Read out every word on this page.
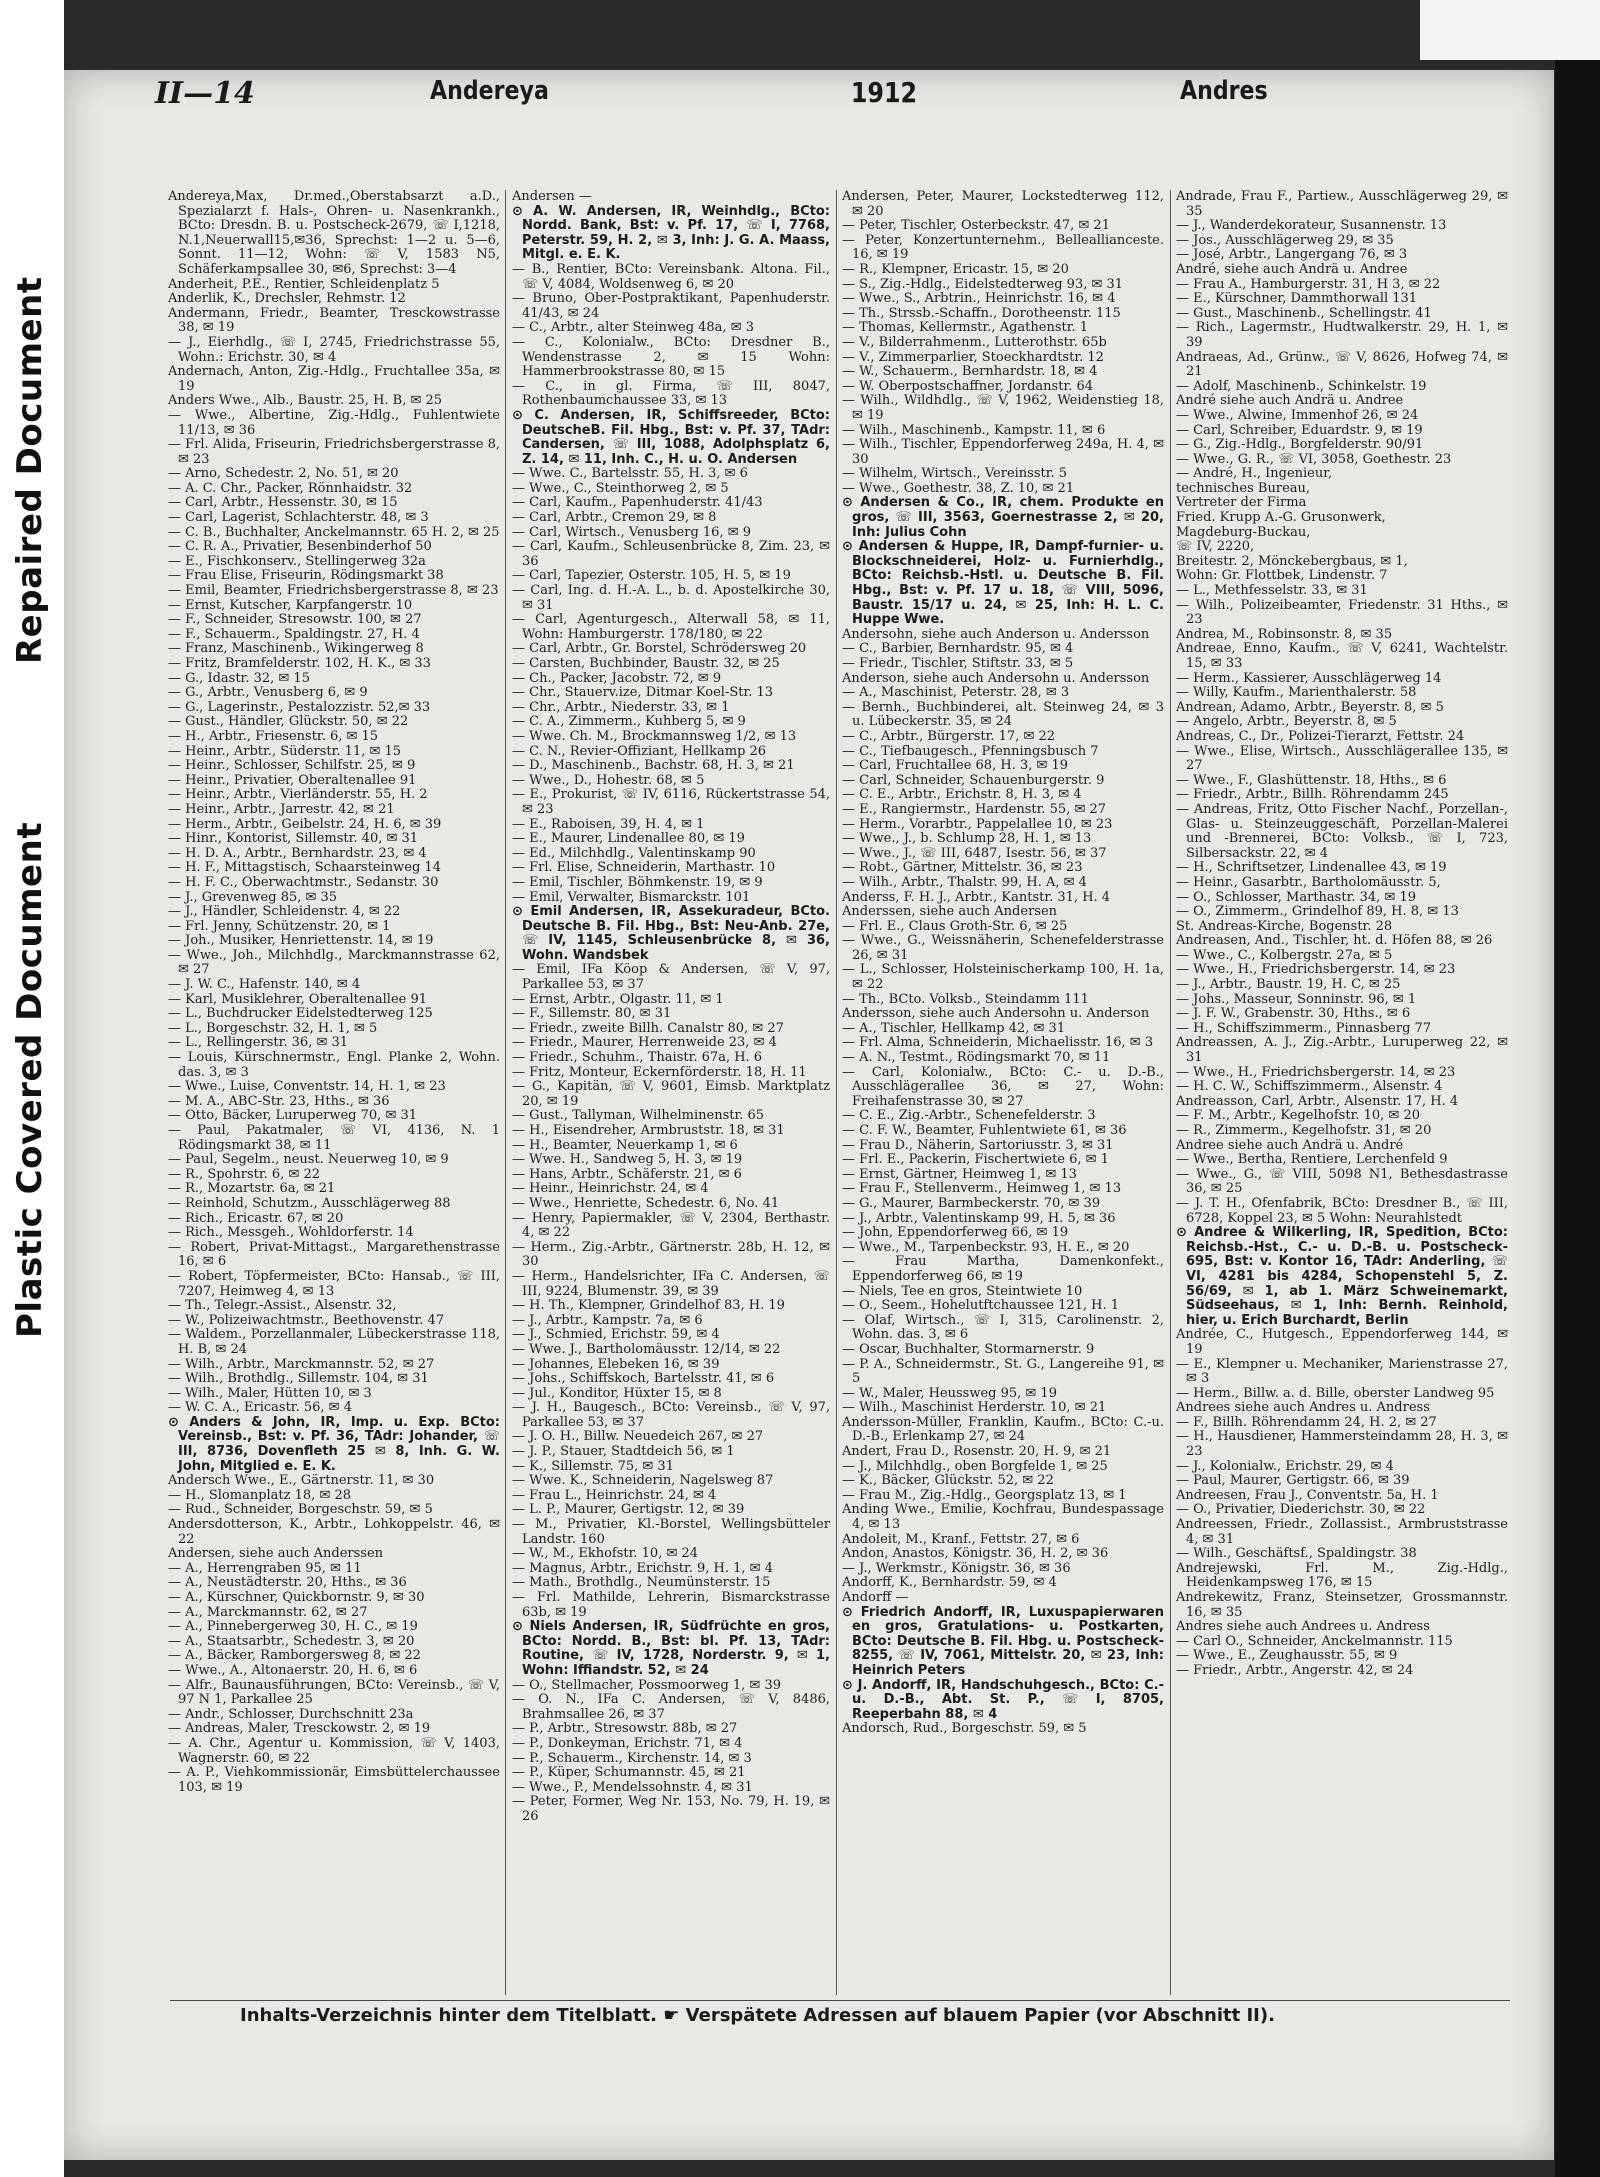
Repaired Document
Plastic Covered Document
II—14	Andereya	1912	Andres
Andereya,Max, Dr.med.,Oberstabsarzt a.D., Spezialarzt f. Hals-, Ohren- u. Nasenkrankh., BCto: Dresdn. B. u. Postscheck-2679, ☏ I,1218, N.1,Neuerwall15,✉36, Sprechst: 1—2 u. 5—6, Sonnt. 11—12, Wohn: ☏ V, 1583 N5, Schäferkampsallee 30, ✉6, Sprechst: 3—4
Anderheit, P.E., Rentier, Schleidenplatz 5
Anderlik, K., Drechsler, Rehmstr. 12
Andermann, Friedr., Beamter, Tresckowstrasse 38, ✉ 19
— J., Eierhdlg., ☏ I, 2745, Friedrichstrasse 55, Wohn.: Erichstr. 30, ✉ 4
Andernach, Anton, Zig.-Hdlg., Fruchtallee 35a, ✉ 19
Anders Wwe., Alb., Baustr. 25, H. B, ✉ 25
— Wwe., Albertine, Zig.-Hdlg., Fuhlentwiete 11/13, ✉ 36
— Frl. Alida, Friseurin, Friedrichsbergerstrasse 8, ✉ 23
— Arno, Schedestr. 2, No. 51, ✉ 20
— A. C. Chr., Packer, Rönnhaidstr. 32
— Carl, Arbtr., Hessenstr. 30, ✉ 15
— Carl, Lagerist, Schlachterstr. 48, ✉ 3
— C. B., Buchhalter, Anckelmannstr. 65 H. 2, ✉ 25
— C. R. A., Privatier, Besenbinderhof 50
— E., Fischkonserv., Stellingerweg 32a
— Frau Elise, Friseurin, Rödingsmarkt 38
— Emil, Beamter, Friedrichsbergerstrasse 8, ✉ 23
— Ernst, Kutscher, Karpfangerstr. 10
— F., Schneider, Stresowstr. 100, ✉ 27
— F., Schauerm., Spaldingstr. 27, H. 4
— Franz, Maschinenb., Wikingerweg 8
— Fritz, Bramfelderstr. 102, H. K., ✉ 33
— G., Idastr. 32, ✉ 15
— G., Arbtr., Venusberg 6, ✉ 9
— G., Lagerinstr., Pestalozzistr. 52,✉ 33
— Gust., Händler, Glückstr. 50, ✉ 22
— H., Arbtr., Friesenstr. 6, ✉ 15
— Heinr., Arbtr., Süderstr. 11, ✉ 15
— Heinr., Schlosser, Schilfstr. 25, ✉ 9
— Heinr., Privatier, Oberaltenallee 91
— Heinr., Arbtr., Vierländerstr. 55, H. 2
— Heinr., Arbtr., Jarrestr. 42, ✉ 21
— Herm., Arbtr., Geibelstr. 24, H. 6, ✉ 39
— Hinr., Kontorist, Sillemstr. 40, ✉ 31
— H. D. A., Arbtr., Bernhardstr. 23, ✉ 4
— H. F., Mittagstisch, Schaarsteinweg 14
— H. F. C., Oberwachtmstr., Sedanstr. 30
— J., Grevenweg 85, ✉ 35
— J., Händler, Schleidenstr. 4, ✉ 22
— Frl. Jenny, Schützenstr. 20, ✉ 1
— Joh., Musiker, Henriettenstr. 14, ✉ 19
— Wwe., Joh., Milchhdlg., Marckmannstrasse 62, ✉ 27
— J. W. C., Hafenstr. 140, ✉ 4
— Karl, Musiklehrer, Oberaltenallee 91
— L., Buchdrucker Eidelstedterweg 125
— L., Borgeschstr. 32, H. 1, ✉ 5
— L., Rellingerstr. 36, ✉ 31
— Louis, Kürschnermstr., Engl. Planke 2, Wohn. das. 3, ✉ 3
— Wwe., Luise, Conventstr. 14, H. 1, ✉ 23
— M. A., ABC-Str. 23, Hths., ✉ 36
— Otto, Bäcker, Luruperweg 70, ✉ 31
— Paul, Pakatmaler, ☏ VI, 4136, N. 1 Rödingsmarkt 38, ✉ 11
— Paul, Segelm., neust. Neuerweg 10, ✉ 9
— R., Spohrstr. 6, ✉ 22
— R., Mozartstr. 6a, ✉ 21
— Reinhold, Schutzm., Ausschlägerweg 88
— Rich., Ericastr. 67, ✉ 20
— Rich., Messgeh., Wohldorferstr. 14
— Robert, Privat-Mittagst., Margarethenstrasse 16, ✉ 6
— Robert, Töpfermeister, BCto: Hansab., ☏ III, 7207, Heimweg 4, ✉ 13
— Th., Telegr.-Assist., Alsenstr. 32,
— W., Polizeiwachtmstr., Beethovenstr. 47
— Waldem., Porzellanmaler, Lübeckerstrasse 118, H. B, ✉ 24
— Wilh., Arbtr., Marckmannstr. 52, ✉ 27
— Wilh., Brothdlg., Sillemstr. 104, ✉ 31
— Wilh., Maler, Hütten 10, ✉ 3
— W. C. A., Ericastr. 56, ✉ 4
⊙ Anders & John, IR, Imp. u. Exp. BCto: Vereinsb., Bst: v. Pf. 36, TAdr: Johander, ☏ III, 8736, Dovenfleth 25 ✉ 8, Inh. G. W. John, Mitglied e. E. K.
Andersch Wwe., E., Gärtnerstr. 11, ✉ 30
— H., Slomanplatz 18, ✉ 28
— Rud., Schneider, Borgeschstr. 59, ✉ 5
Andersdotterson, K., Arbtr., Lohkoppelstr. 46, ✉ 22
Andersen, siehe auch Anderssen
— A., Herrengraben 95, ✉ 11
— A., Neustädterstr. 20, Hths., ✉ 36
— A., Kürschner, Quickbornstr. 9, ✉ 30
— A., Marckmannstr. 62, ✉ 27
— A., Pinnebergerweg 30, H. C., ✉ 19
— A., Staatsarbtr., Schedestr. 3, ✉ 20
— A., Bäcker, Ramborgersweg 8, ✉ 22
— Wwe., A., Altonaerstr. 20, H. 6, ✉ 6
— Alfr., Baunausführungen, BCto: Vereinsb., ☏ V, 97 N 1, Parkallee 25
— Andr., Schlosser, Durchschnitt 23a
— Andreas, Maler, Tresckowstr. 2, ✉ 19
— A. Chr., Agentur u. Kommission, ☏ V, 1403, Wagnerstr. 60, ✉ 22
— A. P., Viehkommissionär, Eimsbüttelerchaussee 103, ✉ 19
Andersen —
⊙ A. W. Andersen, IR, Weinhdlg., BCto: Nordd. Bank, Bst: v. Pf. 17, ☏ I, 7768, Peterstr. 59, H. 2, ✉ 3, Inh: J. G. A. Maass, Mitgl. e. E. K.
— B., Rentier, BCto: Vereinsbank. Altona. Fil., ☏ V, 4084, Woldsenweg 6, ✉ 20
— Bruno, Ober-Postpraktikant, Papenhuderstr. 41/43, ✉ 24
— C., Arbtr., alter Steinweg 48a, ✉ 3
— C., Kolonialw., BCto: Dresdner B., Wendenstrasse 2, ✉ 15 Wohn: Hammerbrookstrasse 80, ✉ 15
— C., in gl. Firma, ☏ III, 8047, Rothenbaumchaussee 33, ✉ 13
⊙ C. Andersen, IR, Schiffsreeder, BCto: DeutscheB. Fil. Hbg., Bst: v. Pf. 37, TAdr: Candersen, ☏ III, 1088, Adolphsplatz 6, Z. 14, ✉ 11, Inh. C., H. u. O. Andersen
— Wwe. C., Bartelsstr. 55, H. 3, ✉ 6
— Wwe., C., Steinthorweg 2, ✉ 5
— Carl, Kaufm., Papenhuderstr. 41/43
— Carl, Arbtr., Cremon 29, ✉ 8
— Carl, Wirtsch., Venusberg 16, ✉ 9
— Carl, Kaufm., Schleusenbrücke 8, Zim. 23, ✉ 36
— Carl, Tapezier, Osterstr. 105, H. 5, ✉ 19
— Carl, Ing. d. H.-A. L., b. d. Apostelkirche 30, ✉ 31
— Carl, Agenturgesch., Alterwall 58, ✉ 11, Wohn: Hamburgerstr. 178/180, ✉ 22
— Carl, Arbtr., Gr. Borstel, Schrödersweg 20
— Carsten, Buchbinder, Baustr. 32, ✉ 25
— Ch., Packer, Jacobstr. 72, ✉ 9
— Chr., Stauerv.ize, Ditmar Koel-Str. 13
— Chr., Arbtr., Niederstr. 33, ✉ 1
— C. A., Zimmerm., Kuhberg 5, ✉ 9
— Wwe. Ch. M., Brockmannsweg 1/2, ✉ 13
— C. N., Revier-Offiziant, Hellkamp 26
— D., Maschinenb., Bachstr. 68, H. 3, ✉ 21
— Wwe., D., Hohestr. 68, ✉ 5
— E., Prokurist, ☏ IV, 6116, Rückertstrasse 54, ✉ 23
— E., Raboisen, 39, H. 4, ✉ 1
— E., Maurer, Lindenallee 80, ✉ 19
— Ed., Milchhdlg., Valentinskamp 90
— Frl. Elise, Schneiderin, Marthastr. 10
— Emil, Tischler, Böhmkenstr. 19, ✉ 9
— Emil, Verwalter, Bismarckstr. 101
⊙ Emil Andersen, IR, Assekuradeur, BCto. Deutsche B. Fil. Hbg., Bst: Neu-Anb. 27e, ☏ IV, 1145, Schleusenbrücke 8, ✉ 36, Wohn. Wandsbek
— Emil, IFa Köop & Andersen, ☏ V, 97, Parkallee 53, ✉ 37
— Ernst, Arbtr., Olgastr. 11, ✉ 1
— F., Sillemstr. 80, ✉ 31
— Friedr., zweite Billh. Canalstr 80, ✉ 27
— Friedr., Maurer, Herrenweide 23, ✉ 4
— Friedr., Schuhm., Thaistr. 67a, H. 6
— Fritz, Monteur, Eckernförderstr. 18, H. 11
— G., Kapitän, ☏ V, 9601, Eimsb. Marktplatz 20, ✉ 19
— Gust., Tallyman, Wilhelminenstr. 65
— H., Eisendreher, Armbruststr. 18, ✉ 31
— H., Beamter, Neuerkamp 1, ✉ 6
— Wwe. H., Sandweg 5, H. 3, ✉ 19
— Hans, Arbtr., Schäferstr. 21, ✉ 6
— Heinr., Heinrichstr. 24, ✉ 4
— Wwe., Henriette, Schedestr. 6, No. 41
— Henry, Papiermakler, ☏ V, 2304, Berthastr. 4, ✉ 22
— Herm., Zig.-Arbtr., Gärtnerstr. 28b, H. 12, ✉ 30
— Herm., Handelsrichter, IFa C. Andersen, ☏ III, 9224, Blumenstr. 39, ✉ 39
— H. Th., Klempner, Grindelhof 83, H. 19
— J., Arbtr., Kampstr. 7a, ✉ 6
— J., Schmied, Erichstr. 59, ✉ 4
— Wwe. J., Bartholomäusstr. 12/14, ✉ 22
— Johannes, Elebeken 16, ✉ 39
— Johs., Schiffskoch, Bartelsstr. 41, ✉ 6
— Jul., Konditor, Hüxter 15, ✉ 8
— J. H., Baugesch., BCto: Vereinsb., ☏ V, 97, Parkallee 53, ✉ 37
— J. O. H., Billw. Neuedeich 267, ✉ 27
— J. P., Stauer, Stadtdeich 56, ✉ 1
— K., Sillemstr. 75, ✉ 31
— Wwe. K., Schneiderin, Nagelsweg 87
— Frau L., Heinrichstr. 24, ✉ 4
— L. P., Maurer, Gertigstr. 12, ✉ 39
— M., Privatier, Kl.-Borstel, Wellingsbütteler Landstr. 160
— W., M., Ekhofstr. 10, ✉ 24
— Magnus, Arbtr., Erichstr. 9, H. 1, ✉ 4
— Math., Brothdlg., Neumünsterstr. 15
— Frl. Mathilde, Lehrerin, Bismarckstrasse 63b, ✉ 19
⊙ Niels Andersen, IR, Südfrüchte en gros, BCto: Nordd. B., Bst: bl. Pf. 13, TAdr: Routine, ☏ IV, 1728, Norderstr. 9, ✉ 1, Wohn: Iffiandstr. 52, ✉ 24
— O., Stellmacher, Possmoorweg 1, ✉ 39
— O. N., IFa C. Andersen, ☏ V, 8486, Brahmsallee 26, ✉ 37
— P., Arbtr., Stresowstr. 88b, ✉ 27
— P., Donkeyman, Erichstr. 71, ✉ 4
— P., Schauerm., Kirchenstr. 14, ✉ 3
— P., Küper, Schumannstr. 45, ✉ 21
— Wwe., P., Mendelssohnstr. 4, ✉ 31
— Peter, Former, Weg Nr. 153, No. 79, H. 19, ✉ 26
Andersen, Peter, Maurer, Lockstedterweg 112, ✉ 20
— Peter, Tischler, Osterbeckstr. 47, ✉ 21
— Peter, Konzertunternehm., Belleallianceste. 16, ✉ 19
— R., Klempner, Ericastr. 15, ✉ 20
— S., Zig.-Hdlg., Eidelstedterweg 93, ✉ 31
— Wwe., S., Arbtrin., Heinrichstr. 16, ✉ 4
— Th., Strssb.-Schaffn., Dorotheenstr. 115
— Thomas, Kellermstr., Agathenstr. 1
— V., Bilderrahmenm., Lutterothstr. 65b
— V., Zimmerparlier, Stoeckhardtstr. 12
— W., Schauerm., Bernhardstr. 18, ✉ 4
— W. Oberpostschaffner, Jordanstr. 64
— Wilh., Wildhdlg., ☏ V, 1962, Weidenstieg 18, ✉ 19
— Wilh., Maschinenb., Kampstr. 11, ✉ 6
— Wilh., Tischler, Eppendorferweg 249a, H. 4, ✉ 30
— Wilhelm, Wirtsch., Vereinsstr. 5
— Wwe., Goethestr. 38, Z. 10, ✉ 21
⊙ Andersen & Co., IR, chem. Produkte en gros, ☏ III, 3563, Goernestrasse 2, ✉ 20, Inh: Julius Cohn
⊙ Andersen & Huppe, IR, Dampf-furnier- u. Blockschneiderei, Holz- u. Furnierhdlg., BCto: Reichsb.-Hstl. u. Deutsche B. Fil. Hbg., Bst: v. Pf. 17 u. 18, ☏ VIII, 5096, Baustr. 15/17 u. 24, ✉ 25, Inh: H. L. C. Huppe Wwe.
Andersohn, siehe auch Anderson u. Andersson
— C., Barbier, Bernhardstr. 95, ✉ 4
— Friedr., Tischler, Stiftstr. 33, ✉ 5
Anderson, siehe auch Andersohn u. Andersson
— A., Maschinist, Peterstr. 28, ✉ 3
— Bernh., Buchbinderei, alt. Steinweg 24, ✉ 3 u. Lübeckerstr. 35, ✉ 24
— C., Arbtr., Bürgerstr. 17, ✉ 22
— C., Tiefbaugesch., Pfenningsbusch 7
— Carl, Fruchtallee 68, H. 3, ✉ 19
— Carl, Schneider, Schauenburgerstr. 9
— C. E., Arbtr., Erichstr. 8, H. 3, ✉ 4
— E., Rangiermstr., Hardenstr. 55, ✉ 27
— Herm., Vorarbtr., Pappelallee 10, ✉ 23
— Wwe., J., b. Schlump 28, H. 1, ✉ 13
— Wwe., J., ☏ III, 6487, Isestr. 56, ✉ 37
— Robt., Gärtner, Mittelstr. 36, ✉ 23
— Wilh., Arbtr., Thalstr. 99, H. A, ✉ 4
Anderss, F. H. J., Arbtr., Kantstr. 31, H. 4
Anderssen, siehe auch Andersen
— Frl. E., Claus Groth-Str. 6, ✉ 25
— Wwe., G., Weissnäherin, Schenefelderstrasse 26, ✉ 31
— L., Schlosser, Holsteinischerkamp 100, H. 1a, ✉ 22
— Th., BCto. Volksb., Steindamm 111
Andersson, siehe auch Andersohn u. Anderson
— A., Tischler, Hellkamp 42, ✉ 31
— Frl. Alma, Schneiderin, Michaelisstr. 16, ✉ 3
— A. N., Testmt., Rödingsmarkt 70, ✉ 11
— Carl, Kolonialw., BCto: C.- u. D.-B., Ausschlägerallee 36, ✉ 27, Wohn: Freihafenstrasse 30, ✉ 27
— C. E., Zig.-Arbtr., Schenefelderstr. 3
— C. F. W., Beamter, Fuhlentwiete 61, ✉ 36
— Frau D., Näherin, Sartoriusstr. 3, ✉ 31
— Frl. E., Packerin, Fischertwiete 6, ✉ 1
— Ernst, Gärtner, Heimweg 1, ✉ 13
— Frau F., Stellenverm., Heimweg 1, ✉ 13
— G., Maurer, Barmbeckerstr. 70, ✉ 39
— J., Arbtr., Valentinskamp 99, H. 5, ✉ 36
— John, Eppendorferweg 66, ✉ 19
— Wwe., M., Tarpenbeckstr. 93, H. E., ✉ 20
— Frau Martha, Damenkonfekt., Eppendorferweg 66, ✉ 19
— Niels, Tee en gros, Steintwiete 10
— O., Seem., Hohelutftchaussee 121, H. 1
— Olaf, Wirtsch., ☏ I, 315, Carolinenstr. 2, Wohn. das. 3, ✉ 6
— Oscar, Buchhalter, Stormarnerstr. 9
— P. A., Schneidermstr., St. G., Langereihe 91, ✉ 5
— W., Maler, Heussweg 95, ✉ 19
— Wilh., Maschinist Herderstr. 10, ✉ 21
Andersson-Müller, Franklin, Kaufm., BCto: C.-u. D.-B., Erlenkamp 27, ✉ 24
Andert, Frau D., Rosenstr. 20, H. 9, ✉ 21
— J., Milchhdlg., oben Borgfelde 1, ✉ 25
— K., Bäcker, Glückstr. 52, ✉ 22
— Frau M., Zig.-Hdlg., Georgsplatz 13, ✉ 1
Anding Wwe., Emilie, Kochfrau, Bundespassage 4, ✉ 13
Andoleit, M., Kranf., Fettstr. 27, ✉ 6
Andon, Anastos, Königstr. 36, H. 2, ✉ 36
— J., Werkmstr., Königstr. 36, ✉ 36
Andorff, K., Bernhardstr. 59, ✉ 4
Andorff —
⊙ Friedrich Andorff, IR, Luxuspapierwaren en gros, Gratulations- u. Postkarten, BCto: Deutsche B. Fil. Hbg. u. Postscheck- 8255, ☏ IV, 7061, Mittelstr. 20, ✉ 23, Inh: Heinrich Peters
⊙ J. Andorff, IR, Handschuhgesch., BCto: C.- u. D.-B., Abt. St. P., ☏ I, 8705, Reeperbahn 88, ✉ 4
Andorsch, Rud., Borgeschstr. 59, ✉ 5
Andrade, Frau F., Partiew., Ausschlägerweg 29, ✉ 35
— J., Wanderdekorateur, Susannenstr. 13
— Jos., Ausschlägerweg 29, ✉ 35
— José, Arbtr., Langergang 76, ✉ 3
André, siehe auch Andrä u. Andree
— Frau A., Hamburgerstr. 31, H 3, ✉ 22
— E., Kürschner, Dammthorwall 131
— Gust., Maschinenb., Schellingstr. 41
— Rich., Lagermstr., Hudtwalkerstr. 29, H. 1, ✉ 39
Andraeas, Ad., Grünw., ☏ V, 8626, Hofweg 74, ✉ 21
— Adolf, Maschinenb., Schinkelstr. 19
André siehe auch Andrä u. Andree
— Wwe., Alwine, Immenhof 26, ✉ 24
— Carl, Schreiber, Eduardstr. 9, ✉ 19
— G., Zig.-Hdlg., Borgfelderstr. 90/91
— Wwe., G. R., ☏ VI, 3058, Goethestr. 23
— André, H., Ingenieur,
technisches Bureau,
Vertreter der Firma
Fried. Krupp A.-G. Grusonwerk,
Magdeburg-Buckau,
☏ IV, 2220,
Breitestr. 2, Mönckebergbaus, ✉ 1,
Wohn: Gr. Flottbek, Lindenstr. 7
— L., Methfesselstr. 33, ✉ 31
— Wilh., Polizeibeamter, Friedenstr. 31 Hths., ✉ 23
Andrea, M., Robinsonstr. 8, ✉ 35
Andreae, Enno, Kaufm., ☏ V, 6241, Wachtelstr. 15, ✉ 33
— Herm., Kassierer, Ausschlägerweg 14
— Willy, Kaufm., Marienthalerstr. 58
Andrean, Adamo, Arbtr., Beyerstr. 8, ✉ 5
— Angelo, Arbtr., Beyerstr. 8, ✉ 5
Andreas, C., Dr., Polizei-Tierarzt, Fettstr. 24
— Wwe., Elise, Wirtsch., Ausschlägerallee 135, ✉ 27
— Wwe., F., Glashüttenstr. 18, Hths., ✉ 6
— Friedr., Arbtr., Billh. Röhrendamm 245
— Andreas, Fritz, Otto Fischer Nachf., Porzellan-, Glas- u. Steinzeuggeschäft, Porzellan-Malerei und -Brennerei, BCto: Volksb., ☏ I, 723, Silbersackstr. 22, ✉ 4
— H., Schriftsetzer, Lindenallee 43, ✉ 19
— Heinr., Gasarbtr., Bartholomäusstr. 5,
— O., Schlosser, Marthastr. 34, ✉ 19
— O., Zimmerm., Grindelhof 89, H. 8, ✉ 13
St. Andreas-Kirche, Bogenstr. 28
Andreasen, And., Tischler, ht. d. Höfen 88, ✉ 26
— Wwe., C., Kolbergstr. 27a, ✉ 5
— Wwe., H., Friedrichsbergerstr. 14, ✉ 23
— J., Arbtr., Baustr. 19, H. C, ✉ 25
— Johs., Masseur, Sonninstr. 96, ✉ 1
— J. F. W., Grabenstr. 30, Hths., ✉ 6
— H., Schiffszimmerm., Pinnasberg 77
Andreassen, A. J., Zig.-Arbtr., Luruperweg 22, ✉ 31
— Wwe., H., Friedrichsbergerstr. 14, ✉ 23
— H. C. W., Schiffszimmerm., Alsenstr. 4
Andreasson, Carl, Arbtr., Alsenstr. 17, H. 4
— F. M., Arbtr., Kegelhofstr. 10, ✉ 20
— R., Zimmerm., Kegelhofstr. 31, ✉ 20
Andree siehe auch Andrä u. André
— Wwe., Bertha, Rentiere, Lerchenfeld 9
— Wwe., G., ☏ VIII, 5098 N1, Bethesdastrasse 36, ✉ 25
— J. T. H., Ofenfabrik, BCto: Dresdner B., ☏ III, 6728, Koppel 23, ✉ 5 Wohn: Neurahlstedt
⊙ Andree & Wilkerling, IR, Spedition, BCto: Reichsb.-Hst., C.- u. D.-B. u. Postscheck-695, Bst: v. Kontor 16, TAdr: Anderling, ☏ VI, 4281 bis 4284, Schopenstehl 5, Z. 56/69, ✉ 1, ab 1. März Schweinemarkt, Südseehaus, ✉ 1, Inh: Bernh. Reinhold, hier, u. Erich Burchardt, Berlin
Andrée, C., Hutgesch., Eppendorferweg 144, ✉ 19
— E., Klempner u. Mechaniker, Marienstrasse 27, ✉ 3
— Herm., Billw. a. d. Bille, oberster Landweg 95
Andrees siehe auch Andres u. Andress
— F., Billh. Röhrendamm 24, H. 2, ✉ 27
— H., Hausdiener, Hammersteindamm 28, H. 3, ✉ 23
— J., Kolonialw., Erichstr. 29, ✉ 4
— Paul, Maurer, Gertigstr. 66, ✉ 39
Andreesen, Frau J., Conventstr. 5a, H. 1
— O., Privatier, Diederichstr. 30, ✉ 22
Andreessen, Friedr., Zollassist., Armbruststrasse 4, ✉ 31
— Wilh., Geschäftsf., Spaldingstr. 38
Andrejewski, Frl. M., Zig.-Hdlg., Heidenkampsweg 176, ✉ 15
Andrekewitz, Franz, Steinsetzer, Grossmannstr. 16, ✉ 35
Andres siehe auch Andrees u. Andress
— Carl O., Schneider, Anckelmannstr. 115
— Wwe., E., Zeughausstr. 55, ✉ 9
— Friedr., Arbtr., Angerstr. 42, ✉ 24
Inhalts-Verzeichnis hinter dem Titelblatt. ☛ Verspätete Adressen auf blauem Papier (vor Abschnitt II).
